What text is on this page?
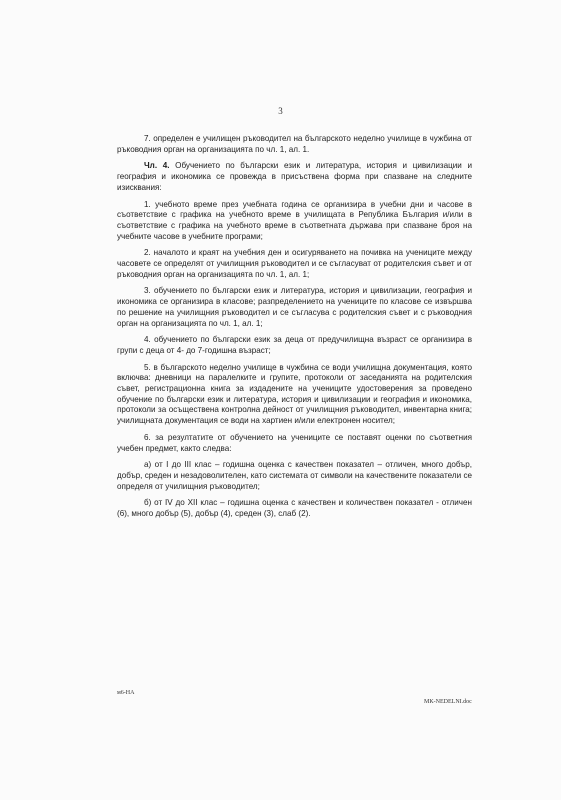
3

7. определен е училищен ръководител на българското неделно училище в чужбина от ръководния орган на организацията по чл. 1, ал. 1.

Чл. 4. Обучението по български език и литература, история и цивилизации и география и икономика се провежда в присъствена форма при спазване на следните изисквания:

1. учебното време през учебната година се организира в учебни дни и часове в съответствие с графика на учебното време в училищата в Република България и/или в съответствие с графика на учебното време в съответната държава при спазване броя на учебните часове в учебните програми;

2. началото и краят на учебния ден и осигуряването на почивка на учениците между часовете се определят от училищния ръководител и се съгласуват от родителския съвет и от ръководния орган на организацията по чл. 1, ал. 1;

3. обучението по български език и литература, история и цивилизации, география и икономика се организира в класове; разпределението на учениците по класове се извършва по решение на училищния ръководител и се съгласува с родителския съвет и с ръководния орган на организацията по чл. 1, ал. 1;

4. обучението по български език за деца от предучилищна възраст се организира в групи с деца от 4- до 7-годишна възраст;

5. в българското неделно училище в чужбина се води училищна документация, която включва: дневници на паралелките и групите, протоколи от заседанията на родителския съвет, регистрационна книга за издадените на учениците удостоверения за проведено обучение по български език и литература, история и цивилизации и география и икономика, протоколи за осъществена контролна дейност от училищния ръководител, инвентарна книга; училищната документация се води на хартиен и/или електронен носител;

6. за резултатите от обучението на учениците се поставят оценки по съответния учебен предмет, както следва:

а) от I до III клас – годишна оценка с качествен показател – отличен, много добър, добър, среден и незадоволителен, като системата от символи на качествените показатели се определя от училищния ръководител;

б) от IV до XII клас – годишна оценка с качествен и количествен показател - отличен (6), много добър (5), добър (4), среден (3), слаб (2).

м6-НА
MK-NEDELNI.doc
